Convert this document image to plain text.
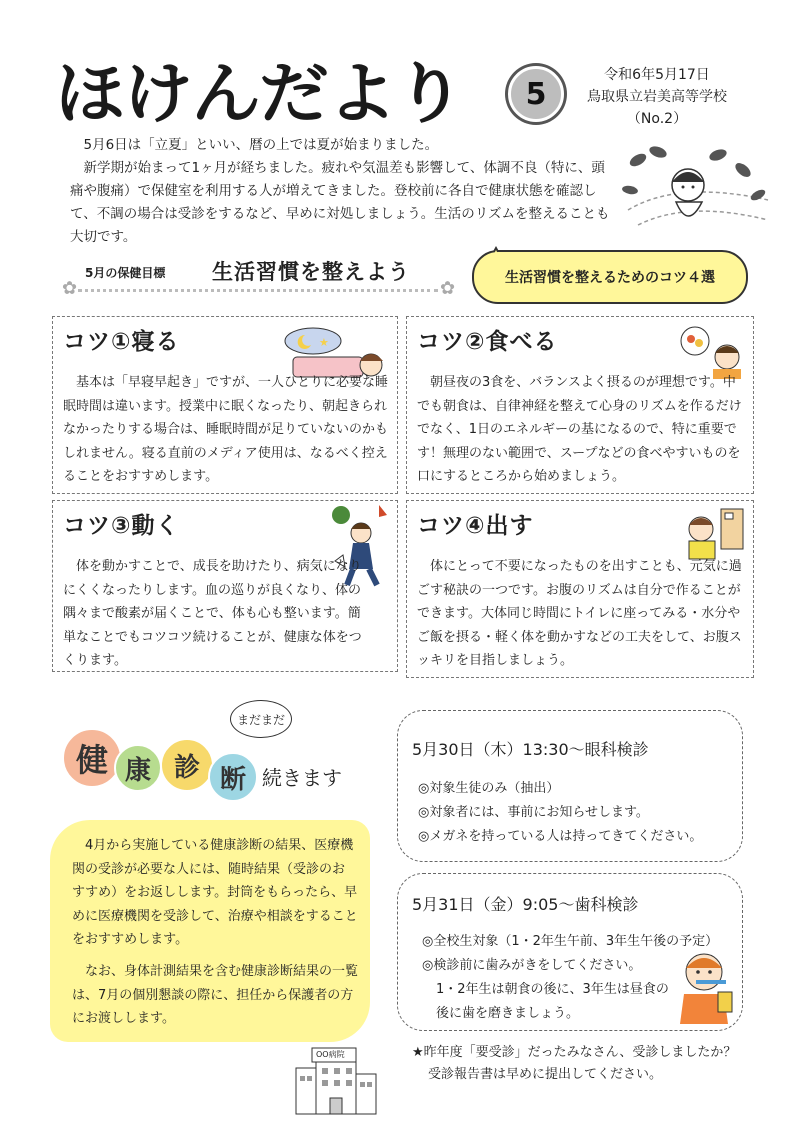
ほけんだより	5
令和6年5月17日
鳥取県立岩美高等学校
（No.2）

5月6日は「立夏」といい、暦の上では夏が始まりました。

新学期が始まって1ヶ月が経ちました。疲れや気温差も影響して、体調不良（特に、頭痛や腹痛）で保健室を利用する人が増えてきました。登校前に各自で健康状態を確認して、不調の場合は受診をするなど、早めに対処しましょう。生活のリズムを整えることも大切です。

✿
5月の保健目標 生活習慣を整えよう
✿	生活習慣を整えるためのコツ４選
コツ①寝る	★

基本は「早寝早起き」ですが、一人ひとりに必要な睡眠時間は違います。授業中に眠くなったり、朝起きられなかったりする場合は、睡眠時間が足りていないのかもしれません。寝る直前のメディア使用は、なるべく控えることをおすすめします。

コツ②食べる

朝昼夜の3食を、バランスよく摂るのが理想です。中でも朝食は、自律神経を整えて心身のリズムを作るだけでなく、1日のエネルギーの基になるので、特に重要です！無理のない範囲で、スープなどの食べやすいものを口にするところから始めましょう。

コツ③動く

体を動かすことで、成長を助けたり、病気になりにくくなったりします。血の巡りが良くなり、体の隅々まで酸素が届くことで、体も心も整います。簡単なことでもコツコツ続けることが、健康な体をつくります。

コツ④出す

体にとって不要になったものを出すことも、元気に過ごす秘訣の一つです。お腹のリズムは自分で作ることができます。大体同じ時間にトイレに座ってみる・水分やご飯を摂る・軽く体を動かすなどの工夫をして、お腹スッキリを目指しましょう。

健 康 診 断
まだまだ
続きます

4月から実施している健康診断の結果、医療機関の受診が必要な人には、随時結果（受診のおすすめ）をお返しします。封筒をもらったら、早めに医療機関を受診して、治療や相談をすることをおすすめします。

なお、身体計測結果を含む健康診断結果の一覧は、7月の個別懇談の際に、担任から保護者の方にお渡しします。

OO病院
5月30日（木）13:30～眼科検診
◎対象生徒のみ（抽出）
◎対象者には、事前にお知らせします。
◎メガネを持っている人は持ってきてください。
5月31日（金）9:05～歯科検診
◎全校生対象（1・2年生午前、3年生午後の予定）
◎検診前に歯みがきをしてください。
1・2年生は朝食の後に、3年生は昼食の
後に歯を磨きましょう。
★昨年度「要受診」だったみなさん、受診しましたか？
受診報告書は早めに提出してください。
